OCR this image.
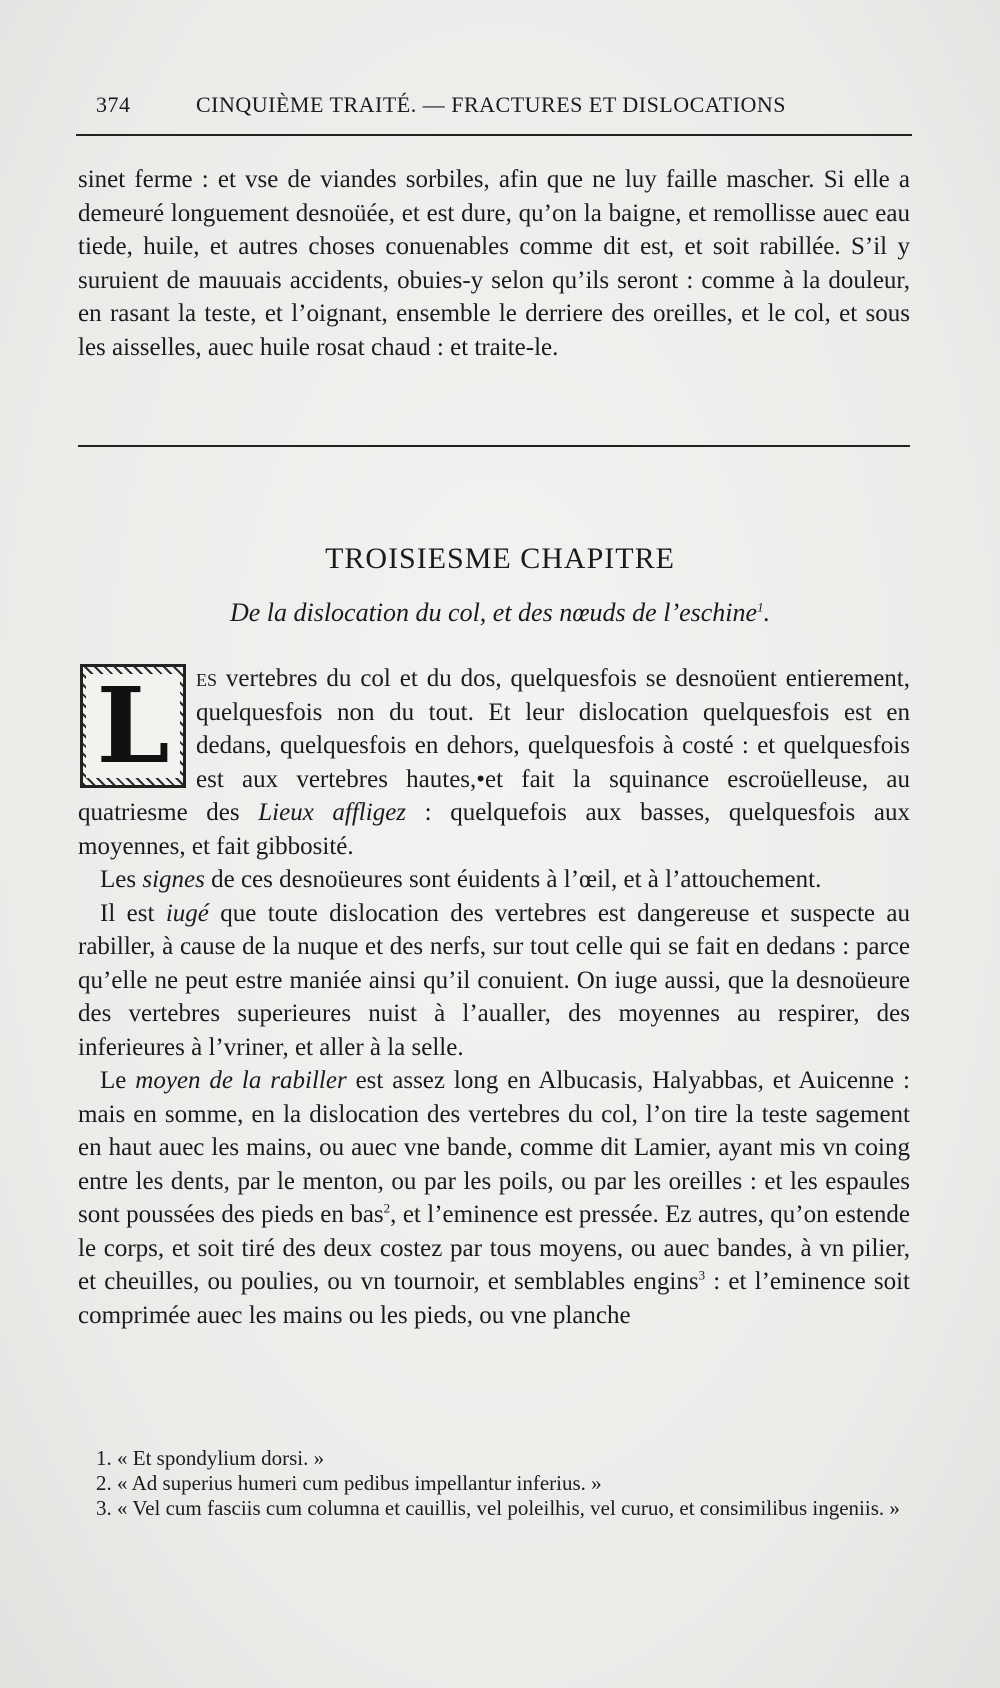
374	CINQUIÈME TRAITÉ. — FRACTURES ET DISLOCATIONS

sinet ferme : et vse de viandes sorbiles, afin que ne luy faille mascher. Si elle a demeuré longuement desnoüée, et est dure, qu’on la baigne, et remollisse auec eau tiede, huile, et autres choses conuenables comme dit est, et soit rabillée. S’il y suruient de mauuais accidents, obuies-y selon qu’ils seront : comme à la douleur, en rasant la teste, et l’oignant, ensemble le derriere des oreilles, et le col, et sous les aisselles, auec huile rosat chaud : et traite-le.

TROISIESME CHAPITRE
De la dislocation du col, et des nœuds de l’eschine$^1$.
L	es vertebres du col et du dos, quelquesfois se desnoüent entierement, quelquesfois non du tout. Et leur dislocation quelquesfois est en dedans, quelquesfois en dehors, quelquesfois à costé : et quelquesfois est aux vertebres hautes,•et fait la squinance escroüelleuse, au quatriesme des Lieux affligez : quelquefois aux basses, quelquesfois aux moyennes, et fait gibbosité.

Les signes de ces desnoüeures sont éuidents à l’œil, et à l’attouchement.

Il est iugé que toute dislocation des vertebres est dangereuse et suspecte au rabiller, à cause de la nuque et des nerfs, sur tout celle qui se fait en dedans : parce qu’elle ne peut estre maniée ainsi qu’il conuient. On iuge aussi, que la desnoüeure des vertebres superieures nuist à l’aualler, des moyennes au respirer, des inferieures à l’vriner, et aller à la selle.

Le moyen de la rabiller est assez long en Albucasis, Halyabbas, et Auicenne : mais en somme, en la dislocation des vertebres du col, l’on tire la teste sagement en haut auec les mains, ou auec vne bande, comme dit Lamier, ayant mis vn coing entre les dents, par le menton, ou par les poils, ou par les oreilles : et les espaules sont poussées des pieds en bas$^2$, et l’eminence est pressée. Ez autres, qu’on estende le corps, et soit tiré des deux costez par tous moyens, ou auec bandes, à vn pilier, et cheuilles, ou poulies, ou vn tournoir, et semblables engins$^3$ : et l’eminence soit comprimée auec les mains ou les pieds, ou vne planche

1. « Et spondylium dorsi. »

2. « Ad superius humeri cum pedibus impellantur inferius. »

3. « Vel cum fasciis cum columna et cauillis, vel poleilhis, vel curuo, et consimilibus ingeniis. »
